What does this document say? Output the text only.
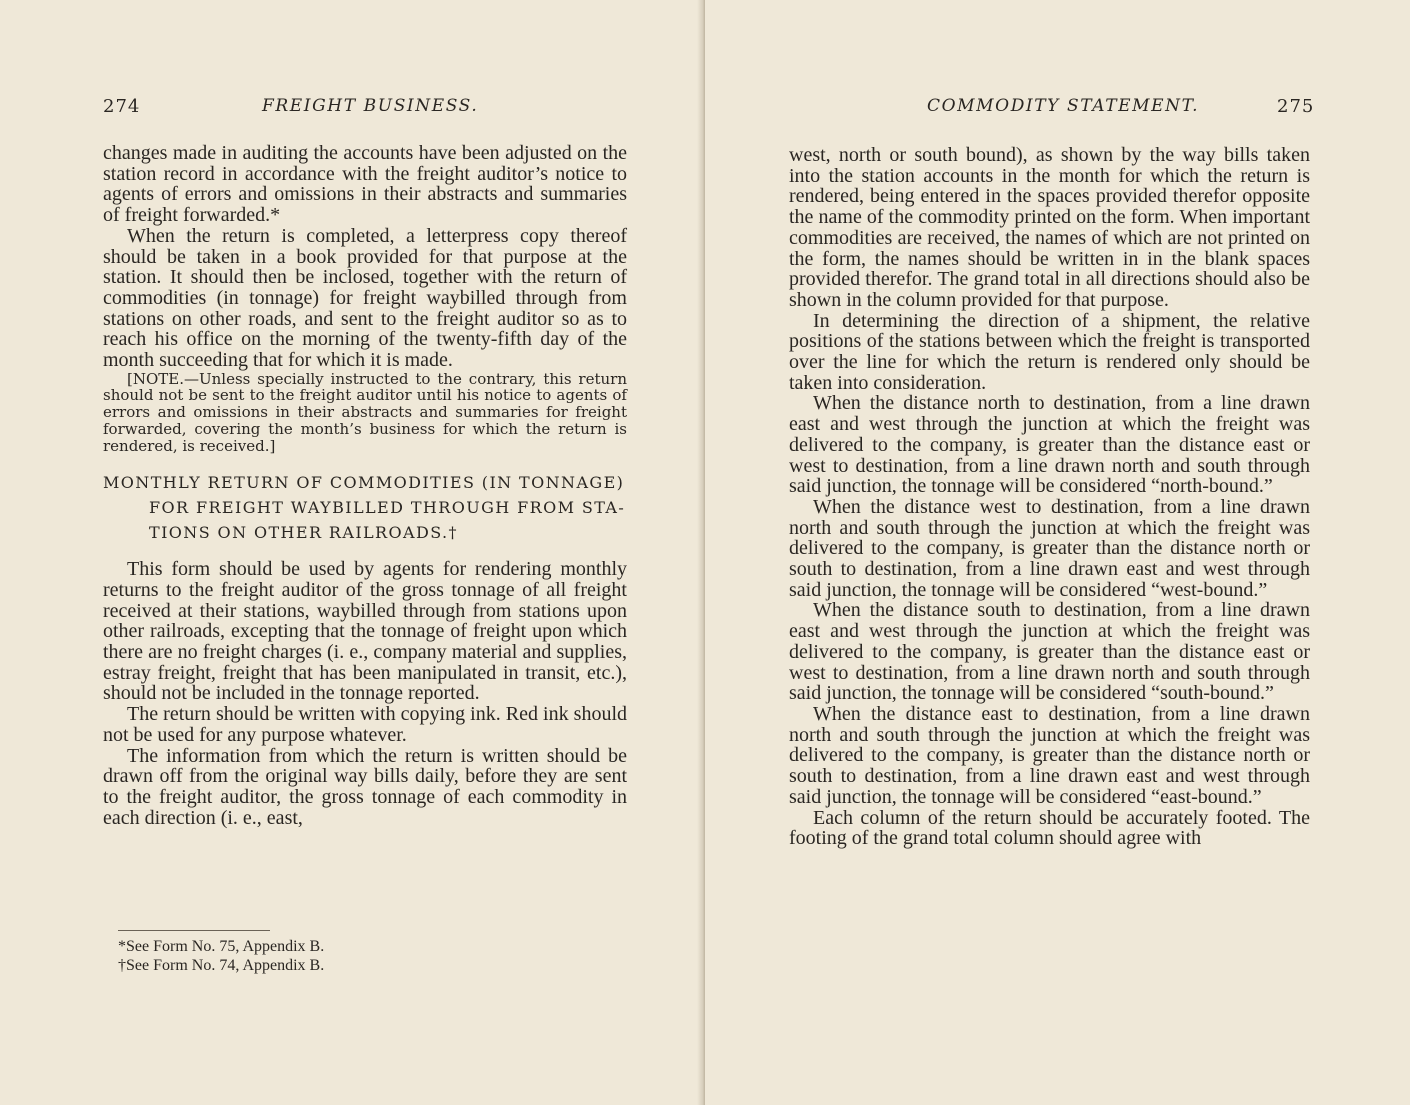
274	FREIGHT BUSINESS.

changes made in auditing the accounts have been adjusted on the station record in accordance with the freight auditor’s notice to agents of errors and omissions in their abstracts and summaries of freight forwarded.*

When the return is completed, a letterpress copy thereof should be taken in a book provided for that purpose at the station. It should then be inclosed, together with the return of commodities (in tonnage) for freight waybilled through from stations on other roads, and sent to the freight auditor so as to reach his office on the morning of the twenty-fifth day of the month succeeding that for which it is made.

[NOTE.—Unless specially instructed to the contrary, this return should not be sent to the freight auditor until his notice to agents of errors and omissions in their abstracts and summaries for freight forwarded, covering the month’s business for which the return is rendered, is received.]

MONTHLY RETURN OF COMMODITIES (IN TONNAGE)
FOR FREIGHT WAYBILLED THROUGH FROM STA-
TIONS ON OTHER RAILROADS.†

This form should be used by agents for rendering monthly returns to the freight auditor of the gross tonnage of all freight received at their stations, waybilled through from stations upon other railroads, excepting that the tonnage of freight upon which there are no freight charges (i. e., company material and supplies, estray freight, freight that has been manipulated in transit, etc.), should not be included in the tonnage reported.

The return should be written with copying ink. Red ink should not be used for any purpose whatever.

The information from which the return is written should be drawn off from the original way bills daily, before they are sent to the freight auditor, the gross tonnage of each commodity in each direction (i. e., east,

*See Form No. 75, Appendix B.
†See Form No. 74, Appendix B.
COMMODITY STATEMENT.	275

west, north or south bound), as shown by the way bills taken into the station accounts in the month for which the return is rendered, being entered in the spaces provided therefor opposite the name of the commodity printed on the form. When important commodities are received, the names of which are not printed on the form, the names should be written in in the blank spaces provided therefor. The grand total in all directions should also be shown in the column provided for that purpose.

In determining the direction of a shipment, the relative positions of the stations between which the freight is transported over the line for which the return is rendered only should be taken into consideration.

When the distance north to destination, from a line drawn east and west through the junction at which the freight was delivered to the company, is greater than the distance east or west to destination, from a line drawn north and south through said junction, the tonnage will be considered “north-bound.”

When the distance west to destination, from a line drawn north and south through the junction at which the freight was delivered to the company, is greater than the distance north or south to destination, from a line drawn east and west through said junction, the tonnage will be considered “west-bound.”

When the distance south to destination, from a line drawn east and west through the junction at which the freight was delivered to the company, is greater than the distance east or west to destination, from a line drawn north and south through said junction, the tonnage will be considered “south-bound.”

When the distance east to destination, from a line drawn north and south through the junction at which the freight was delivered to the company, is greater than the distance north or south to destination, from a line drawn east and west through said junction, the tonnage will be considered “east-bound.”

Each column of the return should be accurately footed. The footing of the grand total column should agree with
